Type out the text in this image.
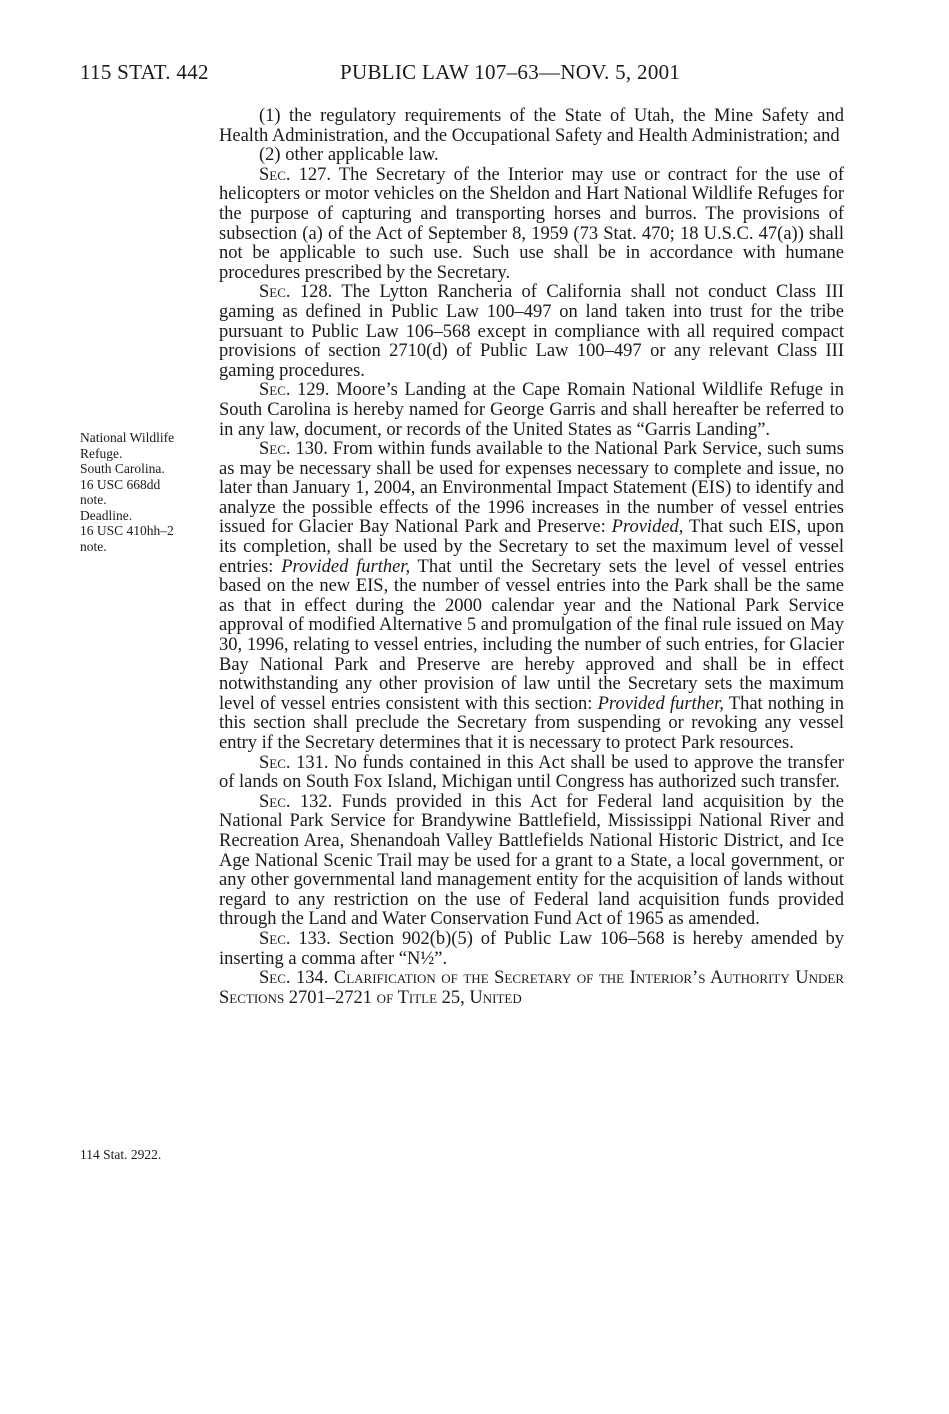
115 STAT. 442	PUBLIC LAW 107–63—NOV. 5, 2001
National Wildlife
Refuge.
South Carolina.
16 USC 668dd
note.
Deadline.
16 USC 410hh–2
note.
114 Stat. 2922.

(1) the regulatory requirements of the State of Utah, the Mine Safety and Health Administration, and the Occupational Safety and Health Administration; and

(2) other applicable law.

Sec. 127. The Secretary of the Interior may use or contract for the use of helicopters or motor vehicles on the Sheldon and Hart National Wildlife Refuges for the purpose of capturing and transporting horses and burros. The provisions of subsection (a) of the Act of September 8, 1959 (73 Stat. 470; 18 U.S.C. 47(a)) shall not be applicable to such use. Such use shall be in accordance with humane procedures prescribed by the Secretary.

Sec. 128. The Lytton Rancheria of California shall not conduct Class III gaming as defined in Public Law 100–497 on land taken into trust for the tribe pursuant to Public Law 106–568 except in compliance with all required compact provisions of section 2710(d) of Public Law 100–497 or any relevant Class III gaming procedures.

Sec. 129. Moore’s Landing at the Cape Romain National Wildlife Refuge in South Carolina is hereby named for George Garris and shall hereafter be referred to in any law, document, or records of the United States as “Garris Landing”.

Sec. 130. From within funds available to the National Park Service, such sums as may be necessary shall be used for expenses necessary to complete and issue, no later than January 1, 2004, an Environmental Impact Statement (EIS) to identify and analyze the possible effects of the 1996 increases in the number of vessel entries issued for Glacier Bay National Park and Preserve: Provided, That such EIS, upon its completion, shall be used by the Secretary to set the maximum level of vessel entries: Provided further, That until the Secretary sets the level of vessel entries based on the new EIS, the number of vessel entries into the Park shall be the same as that in effect during the 2000 calendar year and the National Park Service approval of modified Alternative 5 and promulgation of the final rule issued on May 30, 1996, relating to vessel entries, including the number of such entries, for Glacier Bay National Park and Preserve are hereby approved and shall be in effect notwithstanding any other provision of law until the Secretary sets the maximum level of vessel entries consistent with this section: Provided further, That nothing in this section shall preclude the Secretary from suspending or revoking any vessel entry if the Secretary determines that it is necessary to protect Park resources.

Sec. 131. No funds contained in this Act shall be used to approve the transfer of lands on South Fox Island, Michigan until Congress has authorized such transfer.

Sec. 132. Funds provided in this Act for Federal land acquisition by the National Park Service for Brandywine Battlefield, Mississippi National River and Recreation Area, Shenandoah Valley Battlefields National Historic District, and Ice Age National Scenic Trail may be used for a grant to a State, a local government, or any other governmental land management entity for the acquisition of lands without regard to any restriction on the use of Federal land acquisition funds provided through the Land and Water Conservation Fund Act of 1965 as amended.

Sec. 133. Section 902(b)(5) of Public Law 106–568 is hereby amended by inserting a comma after “N½”.

Sec. 134. Clarification of the Secretary of the Interior’s Authority Under Sections 2701–2721 of Title 25, United
